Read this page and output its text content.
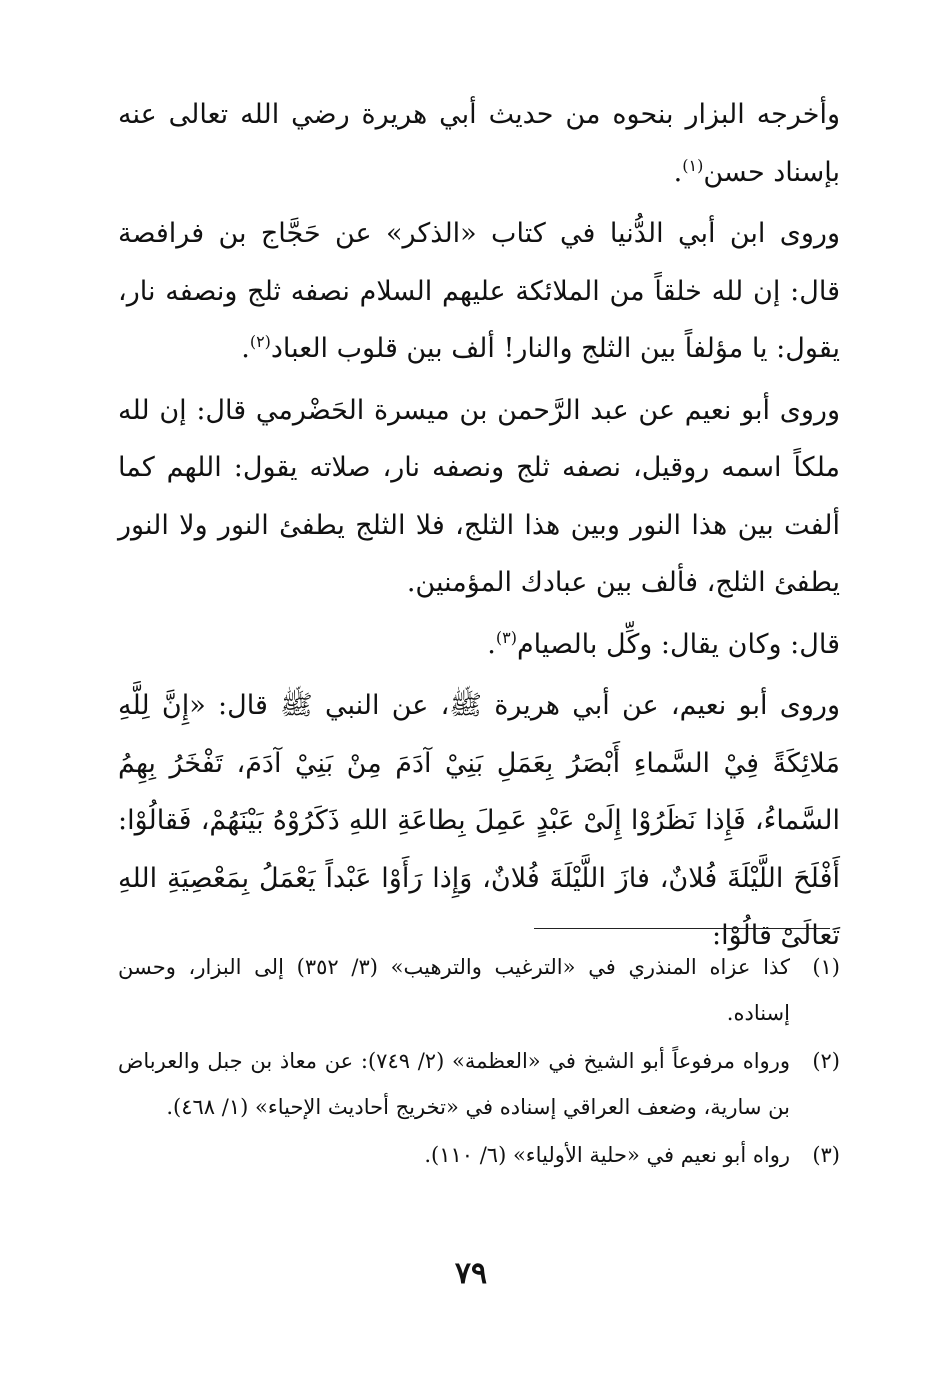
وأخرجه البزار بنحوه من حديث أبي هريرة رضي الله تعالى عنه بإسناد حسن$^{(١)}$.

وروى ابن أبي الدُّنيا في كتاب «الذكر» عن حَجَّاج بن فرافصة قال: إن لله خلقاً من الملائكة عليهم السلام نصفه ثلج ونصفه نار، يقول: يا مؤلفاً بين الثلج والنار! ألف بين قلوب العباد$^{(٢)}$.

وروى أبو نعيم عن عبد الرَّحمن بن ميسرة الحَضْرمي قال: إن لله ملكاً اسمه روقيل، نصفه ثلج ونصفه نار، صلاته يقول: اللهم كما ألفت بين هذا النور وبين هذا الثلج، فلا الثلج يطفئ النور ولا النور يطفئ الثلج، فألف بين عبادك المؤمنين.

قال: وكان يقال: وكِّل بالصيام$^{(٣)}$.

وروى أبو نعيم، عن أبي هريرة ﷺ، عن النبي ﷺ قال: «إِنَّ لِلَّهِ مَلائِكَةً فِيْ السَّماءِ أَبْصَرُ بِعَمَلِ بَنِيْ آدَمَ مِنْ بَنِيْ آدَمَ، تَفْخَرُ بِهِمُ السَّماءُ، فَإِذا نَظَرُوْا إِلَىْ عَبْدٍ عَمِلَ بِطاعَةِ اللهِ ذَكَرُوْهُ بَيْنَهُمْ، فَقالُوْا: أَفْلَحَ اللَّيْلَةَ فُلانٌ، فازَ اللَّيْلَةَ فُلانٌ، وَإِذا رَأَوْا عَبْداً يَعْمَلُ بِمَعْصِيَةِ اللهِ تَعالَىْ قالُوْا:

(١)
كذا عزاه المنذري في «الترغيب والترهيب» (٣/ ٣٥٢) إلى البزار، وحسن إسناده.
(٢)
ورواه مرفوعاً أبو الشيخ في «العظمة» (٢/ ٧٤٩): عن معاذ بن جبل والعرباض بن سارية، وضعف العراقي إسناده في «تخريج أحاديث الإحياء» (١/ ٤٦٨).
(٣)
رواه أبو نعيم في «حلية الأولياء» (٦/ ١١٠).
٧٩
